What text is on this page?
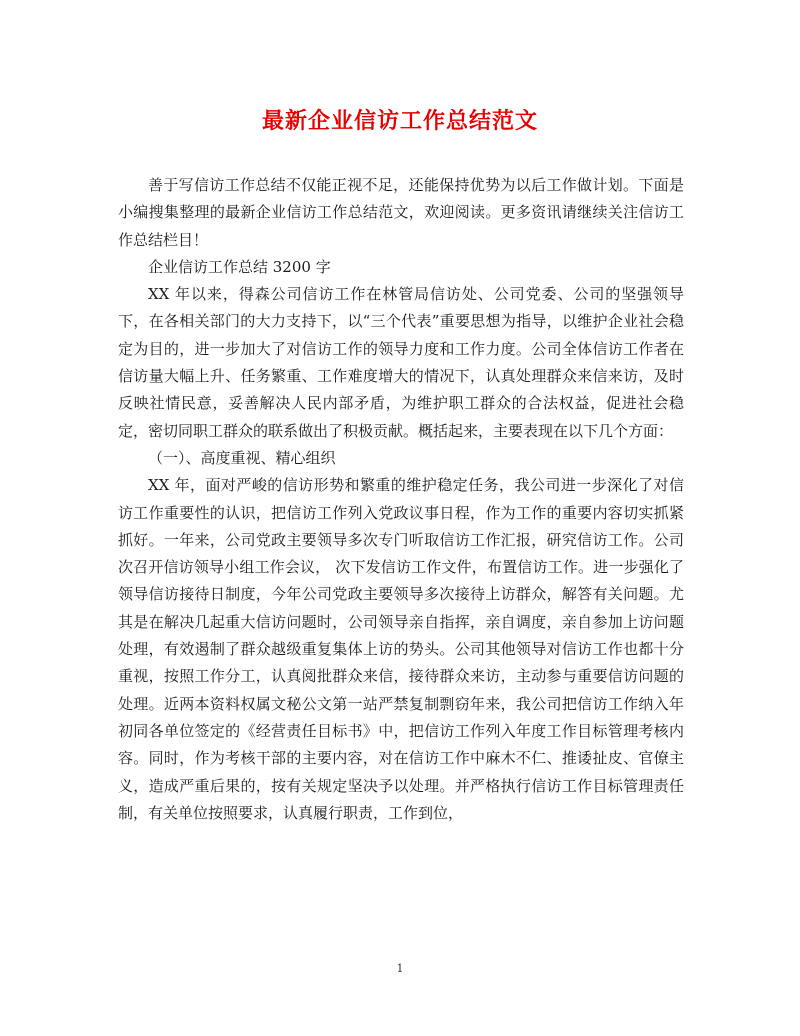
最新企业信访工作总结范文

善于写信访工作总结不仅能正视不足，还能保持优势为以后工作做计划。下面是小编搜集整理的最新企业信访工作总结范文，欢迎阅读。更多资讯请继续关注信访工作总结栏目！

企业信访工作总结 3200 字

XX 年以来，得森公司信访工作在林管局信访处、公司党委、公司的坚强领导下，在各相关部门的大力支持下，以“三个代表”重要思想为指导，以维护企业社会稳定为目的，进一步加大了对信访工作的领导力度和工作力度。公司全体信访工作者在信访量大幅上升、任务繁重、工作难度增大的情况下，认真处理群众来信来访，及时反映社情民意，妥善解决人民内部矛盾，为维护职工群众的合法权益，促进社会稳定，密切同职工群众的联系做出了积极贡献。概括起来，主要表现在以下几个方面：

（一）、高度重视、精心组织

XX 年，面对严峻的信访形势和繁重的维护稳定任务，我公司进一步深化了对信访工作重要性的认识，把信访工作列入党政议事日程，作为工作的重要内容切实抓紧抓好。一年来，公司党政主要领导多次专门听取信访工作汇报，研究信访工作。公司 次召开信访领导小组工作会议， 次下发信访工作文件，布置信访工作。进一步强化了领导信访接待日制度，今年公司党政主要领导多次接待上访群众，解答有关问题。尤其是在解决几起重大信访问题时，公司领导亲自指挥，亲自调度，亲自参加上访问题处理，有效遏制了群众越级重复集体上访的势头。公司其他领导对信访工作也都十分重视，按照工作分工，认真阅批群众来信，接待群众来访，主动参与重要信访问题的处理。近两本资料权属文秘公文第一站严禁复制剽窃年来，我公司把信访工作纳入年初同各单位签定的《经营责任目标书》中，把信访工作列入年度工作目标管理考核内容。同时，作为考核干部的主要内容，对在信访工作中麻木不仁、推诿扯皮、官僚主义，造成严重后果的，按有关规定坚决予以处理。并严格执行信访工作目标管理责任制，有关单位按照要求，认真履行职责，工作到位，

1
